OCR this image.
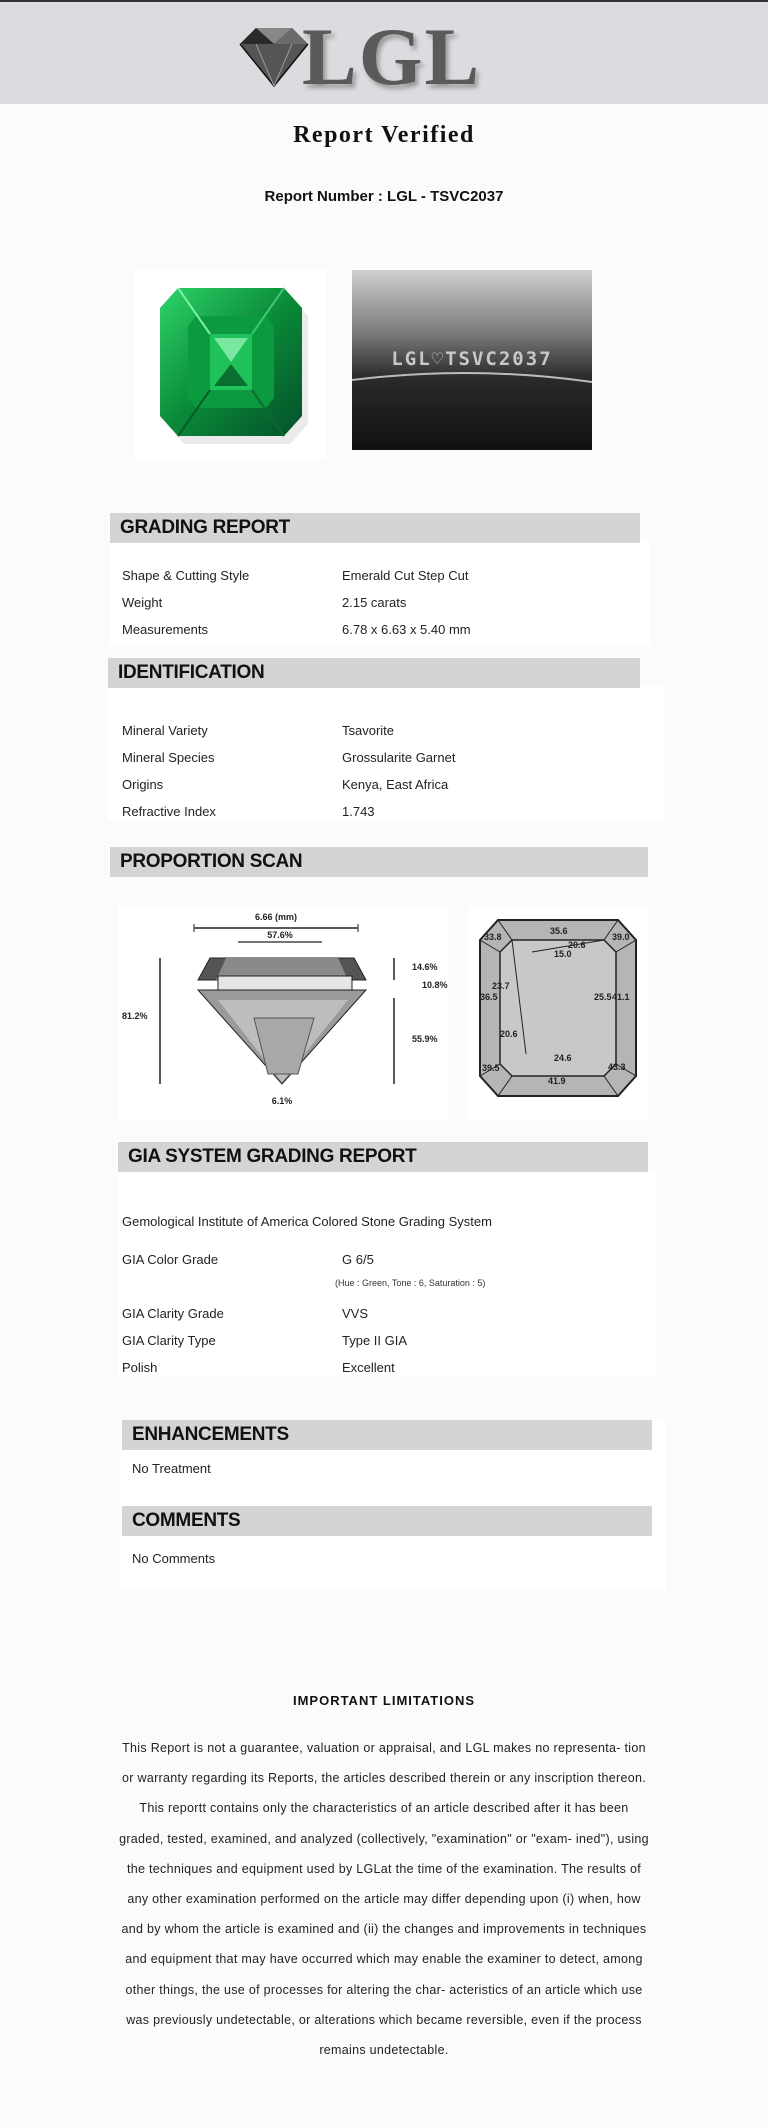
LGL
Report Verified
Report Number : LGL - TSVC2037
LGL♡TSVC2037
GRADING REPORT
Shape & Cutting Style	Emerald Cut Step Cut
Weight	2.15 carats
Measurements	6.78 x 6.63 x 5.40 mm
IDENTIFICATION
Mineral Variety	Tsavorite
Mineral Species	Grossularite Garnet
Origins	Kenya, East Africa
Refractive Index	1.743
PROPORTION SCAN
6.66 (mm)
57.6%
81.2%
14.6%
10.8%
55.9%
6.1%
33.8
35.6
39.0
20.6
15.0
23.7
36.5	25.5 41.1
20.6
24.6
39.5	43.3
41.9
GIA SYSTEM GRADING REPORT
Gemological Institute of America Colored Stone Grading System
GIA Color Grade	G 6/5
(Hue : Green, Tone : 6, Saturation : 5)
GIA Clarity Grade	VVS
GIA Clarity Type	Type II GIA
Polish	Excellent
ENHANCEMENTS
No Treatment
COMMENTS
No Comments
IMPORTANT LIMITATIONS
This Report is not a guarantee, valuation or appraisal, and LGL makes no representa- tion or warranty regarding its Reports, the articles described therein or any inscription thereon. This reportt contains only the characteristics of an article described after it has been graded, tested, examined, and analyzed (collectively, "examination" or "exam- ined"), using the techniques and equipment used by LGLat the time of the examination. The results of any other examination performed on the article may differ depending upon (i) when, how and by whom the article is examined and (ii) the changes and improvements in techniques and equipment that may have occurred which may enable the examiner to detect, among other things, the use of processes for altering the char- acteristics of an article which use was previously undetectable, or alterations which became reversible, even if the process remains undetectable.
